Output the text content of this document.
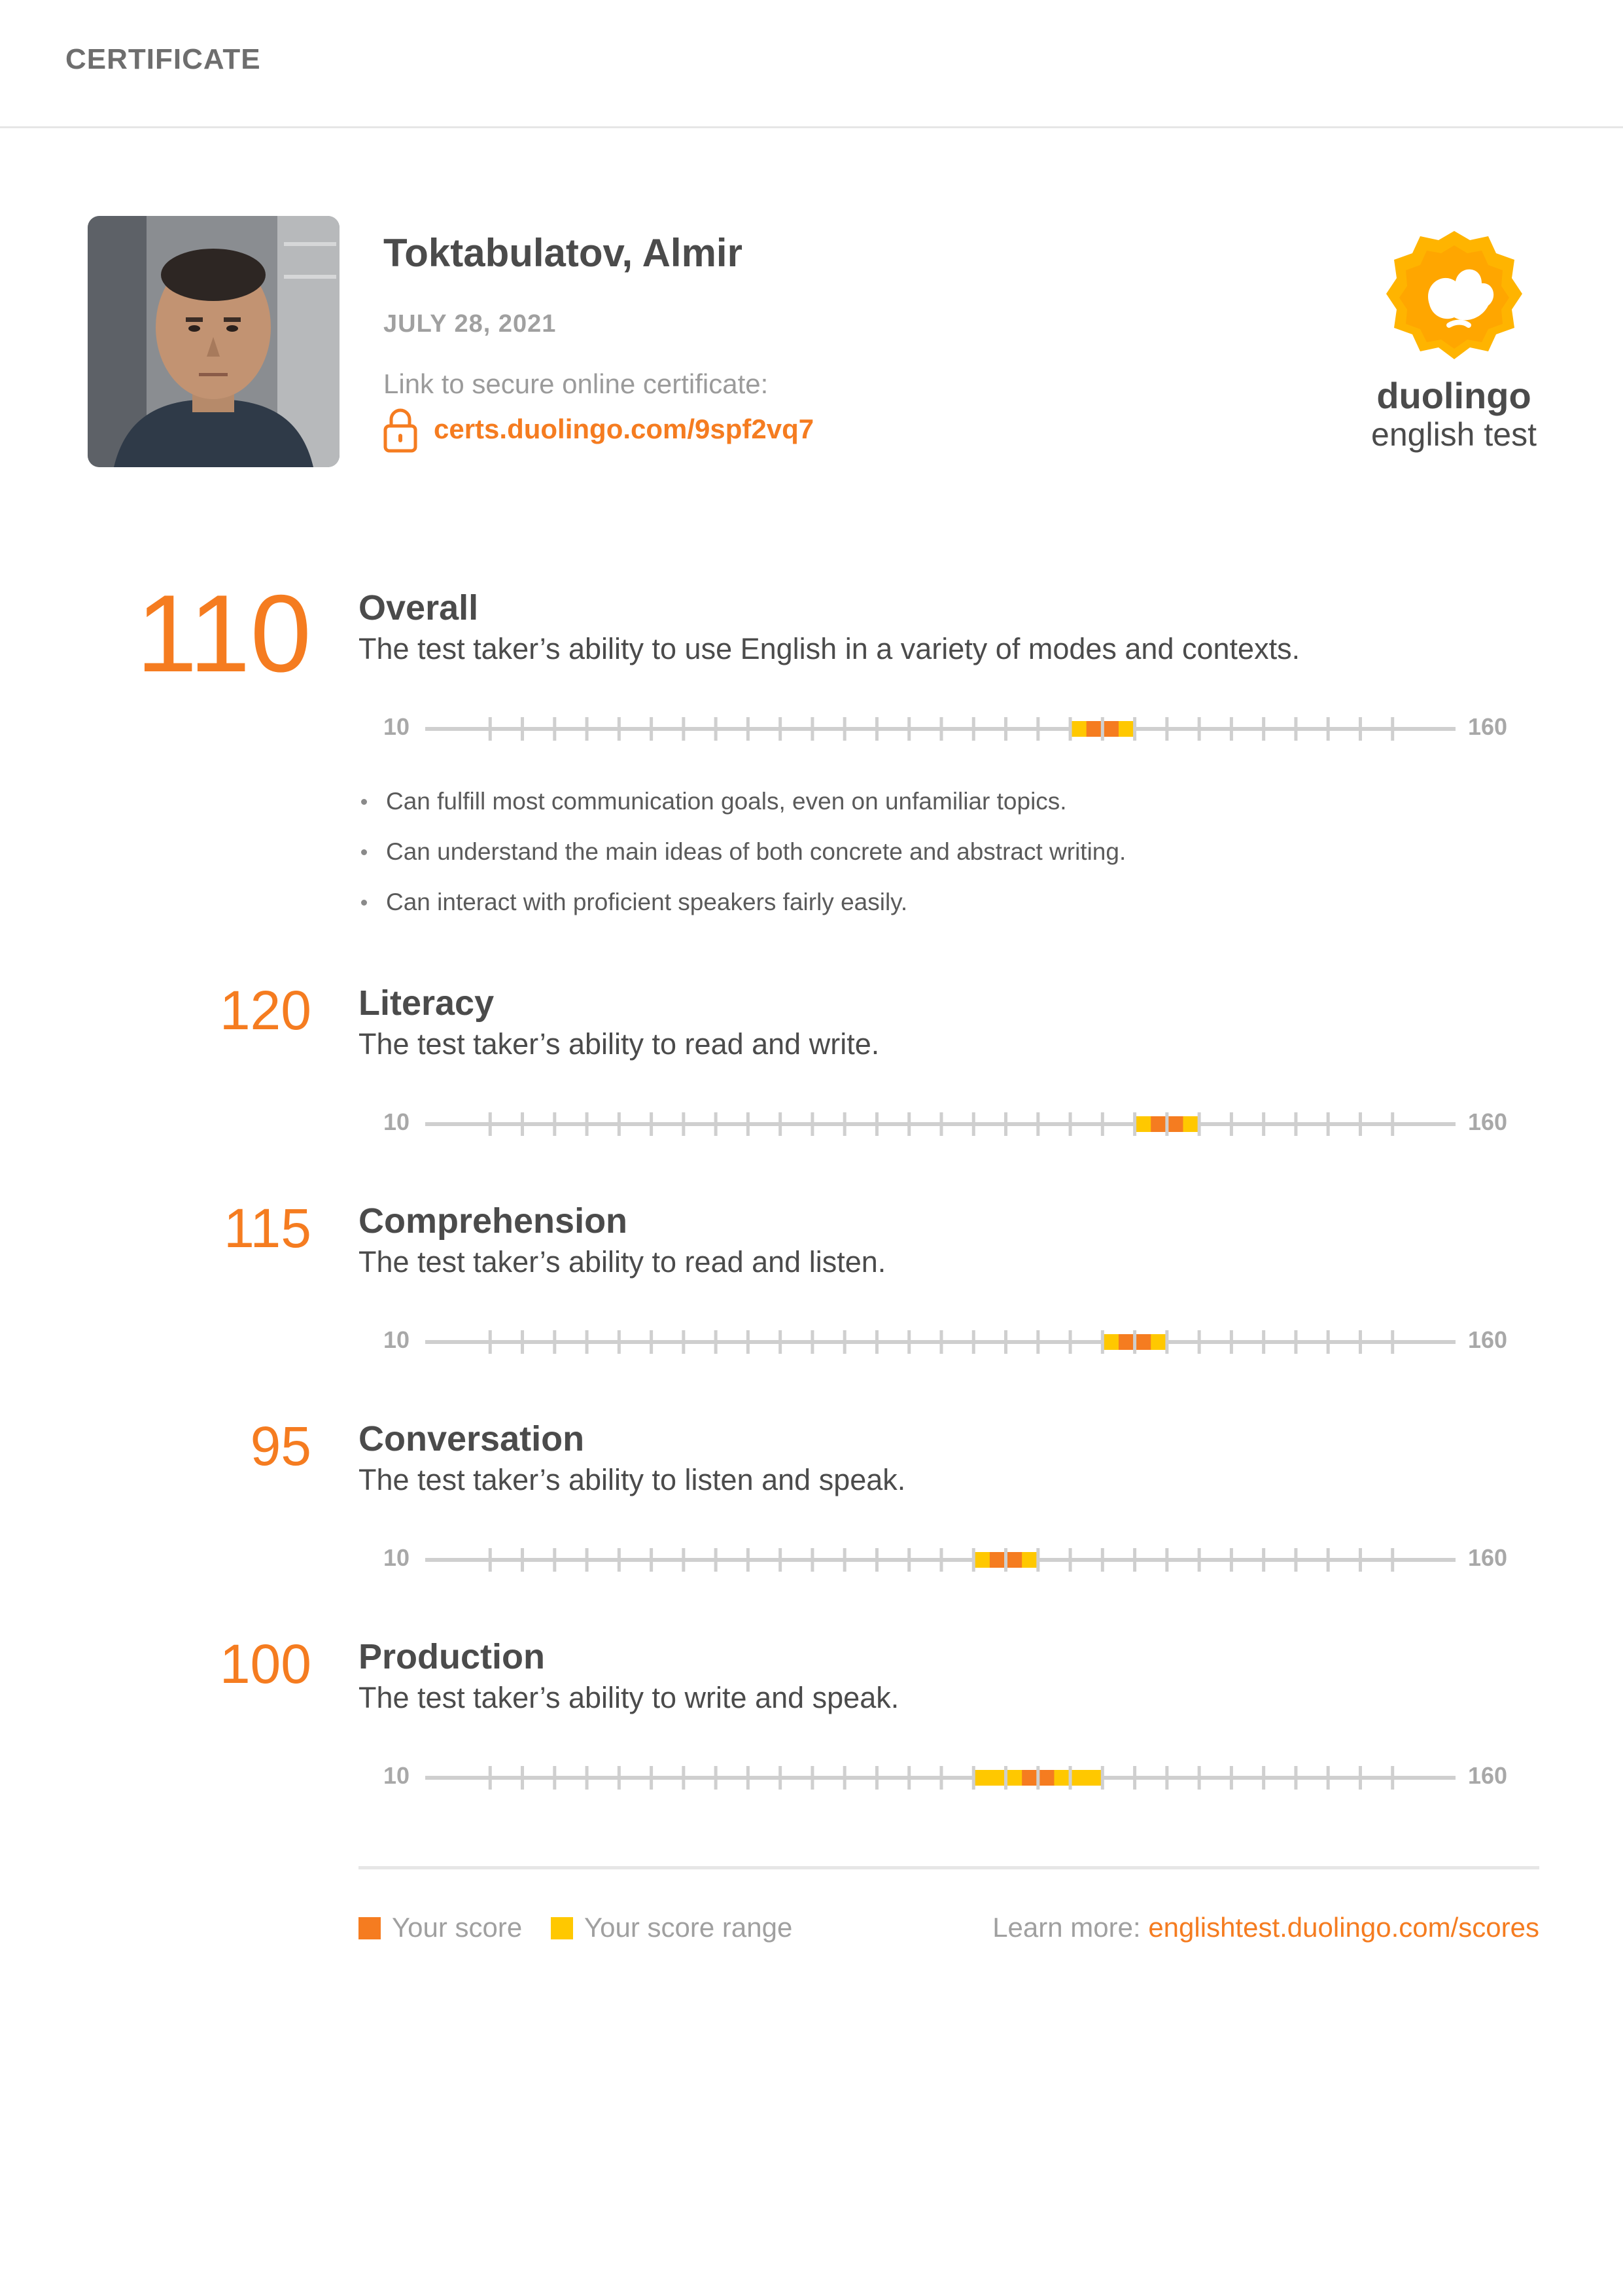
CERTIFICATE
Toktabulatov, Almir
JULY 28, 2021
Link to secure online certificate:
certs.duolingo.com/9spf2vq7
duolingo
english test
110 Overall
The test taker’s ability to use English in a variety of modes and contexts.
10	160
Can fulfill most communication goals, even on unfamiliar topics.
Can understand the main ideas of both concrete and abstract writing.
Can interact with proficient speakers fairly easily.
120 Literacy
The test taker’s ability to read and write.
10	160
115 Comprehension
The test taker’s ability to read and listen.
10	160
95 Conversation
The test taker’s ability to listen and speak.
10	160
100 Production
The test taker’s ability to write and speak.
10	160
Your score Your score range	Learn more: englishtest.duolingo.com/scores
